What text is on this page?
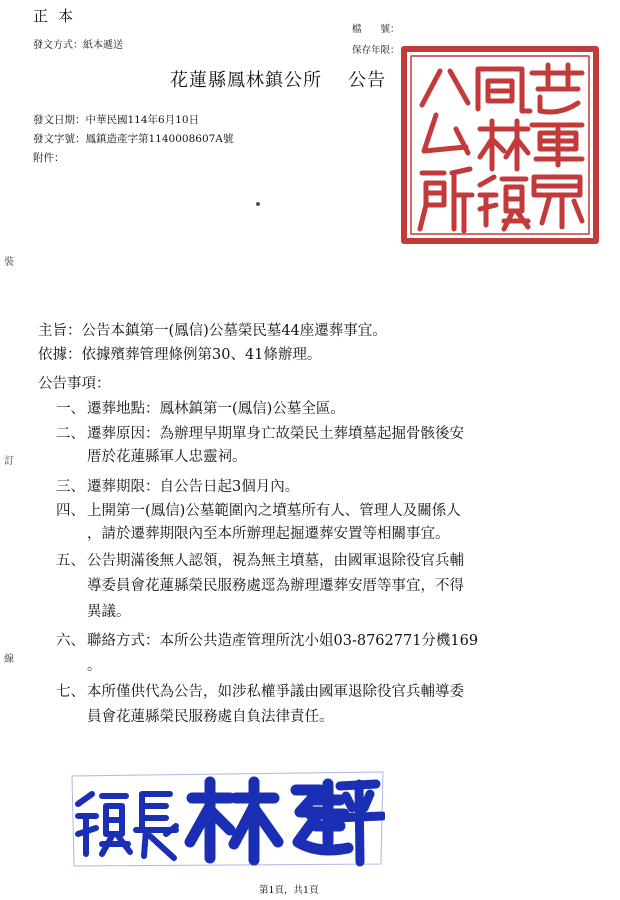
正本
發文方式：紙本遞送
檔　　號：
保存年限：
花蓮縣鳳林鎮公所 公告
發文日期：中華民國114年6月10日
發文字號：鳳鎮造產字第1140008607A號
附件：
裝
訂
線
主旨：公告本鎮第一(鳳信)公墓榮民墓44座遷葬事宜。
依據：依據殯葬管理條例第30、41條辦理。
公告事項：
一、 遷葬地點：鳳林鎮第一(鳳信)公墓全區。
二、 遷葬原因：為辦理早期單身亡故榮民土葬墳墓起掘骨骸後安
厝於花蓮縣軍人忠靈祠。
三、 遷葬期限：自公告日起3個月內。
四、 上開第一(鳳信)公墓範圍內之墳墓所有人、管理人及關係人
，請於遷葬期限內至本所辦理起掘遷葬安置等相關事宜。
五、 公告期滿後無人認領，視為無主墳墓，由國軍退除役官兵輔
導委員會花蓮縣榮民服務處逕為辦理遷葬安厝等事宜，不得
異議。
六、 聯絡方式：本所公共造產管理所沈小姐03-8762771分機169
。
七、 本所僅供代為公告，如涉私權爭議由國軍退除役官兵輔導委
員會花蓮縣榮民服務處自負法律責任。
第1頁，共1頁
